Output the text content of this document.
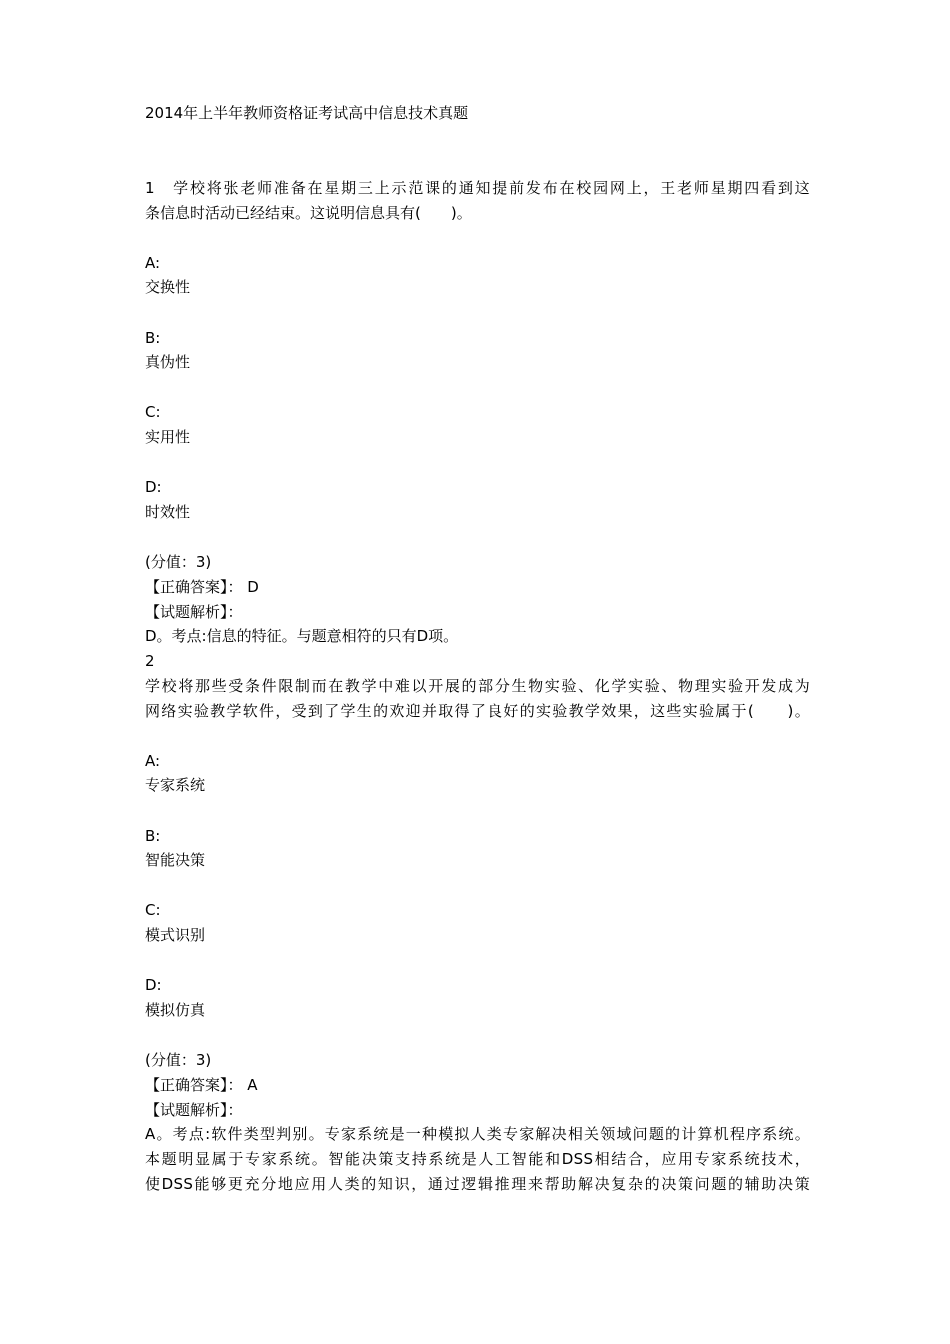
2014年上半年教师资格证考试高中信息技术真题
1　学校将张老师准备在星期三上示范课的通知提前发布在校园网上，王老师星期四看到这
条信息时活动已经结束。这说明信息具有(　　)。
A:
交换性
B:
真伪性
C:
实用性
D:
时效性
(分值：3)
【正确答案】： D
【试题解析】：
D。考点:信息的特征。与题意相符的只有D项。
2
学校将那些受条件限制而在教学中难以开展的部分生物实验、化学实验、物理实验开发成为
网络实验教学软件，受到了学生的欢迎并取得了良好的实验教学效果，这些实验属于(　　)。
A:
专家系统
B:
智能决策
C:
模式识别
D:
模拟仿真
(分值：3)
【正确答案】： A
【试题解析】：
A。考点:软件类型判别。专家系统是一种模拟人类专家解决相关领域问题的计算机程序系统。
本题明显属于专家系统。智能决策支持系统是人工智能和DSS相结合，应用专家系统技术，
使DSS能够更充分地应用人类的知识，通过逻辑推理来帮助解决复杂的决策问题的辅助决策
